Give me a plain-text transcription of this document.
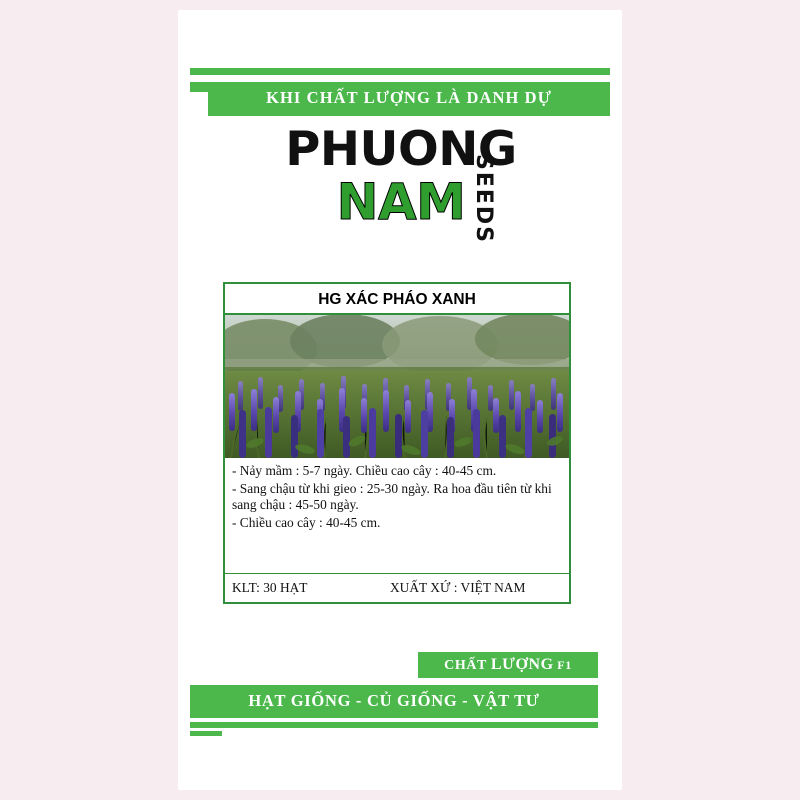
KHI CHẤT LƯỢNG LÀ DANH DỰ
PHUONG
NAM SEEDS
HG XÁC PHÁO XANH

- Nảy mầm : 5-7 ngày. Chiều cao cây : 40-45 cm.

- Sang chậu từ khi gieo : 25-30 ngày. Ra hoa đầu tiên từ khi sang chậu : 45-50 ngày.

- Chiều cao cây : 40-45 cm.

KLT: 30 HẠT	XUẤT XỨ : VIỆT NAM
CHẤT LƯỢNG F1
HẠT GIỐNG - CỦ GIỐNG - VẬT TƯ
